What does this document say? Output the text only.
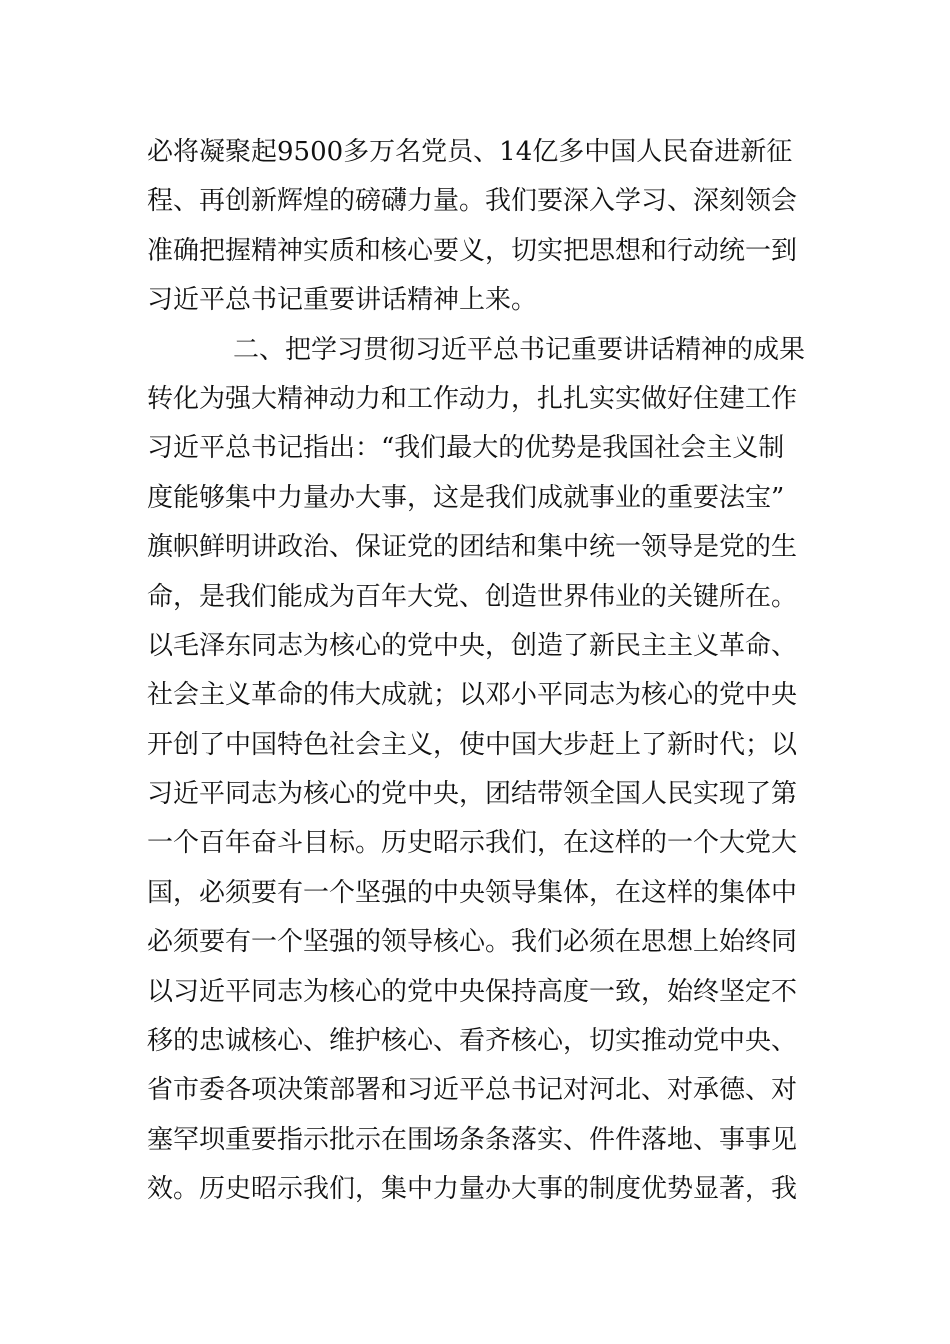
必将凝聚起9500多万名党员、14亿多中国人民奋进新征
程、再创新辉煌的磅礴力量。我们要深入学习、深刻领会
准确把握精神实质和核心要义，切实把思想和行动统一到
习近平总书记重要讲话精神上来。
二、把学习贯彻习近平总书记重要讲话精神的成果
转化为强大精神动力和工作动力，扎扎实实做好住建工作
习近平总书记指出：“我们最大的优势是我国社会主义制
度能够集中力量办大事，这是我们成就事业的重要法宝”
旗帜鲜明讲政治、保证党的团结和集中统一领导是党的生
命，是我们能成为百年大党、创造世界伟业的关键所在。
以毛泽东同志为核心的党中央，创造了新民主主义革命、
社会主义革命的伟大成就；以邓小平同志为核心的党中央
开创了中国特色社会主义，使中国大步赶上了新时代；以
习近平同志为核心的党中央，团结带领全国人民实现了第
一个百年奋斗目标。历史昭示我们，在这样的一个大党大
国，必须要有一个坚强的中央领导集体，在这样的集体中
必须要有一个坚强的领导核心。我们必须在思想上始终同
以习近平同志为核心的党中央保持高度一致，始终坚定不
移的忠诚核心、维护核心、看齐核心，切实推动党中央、
省市委各项决策部署和习近平总书记对河北、对承德、对
塞罕坝重要指示批示在围场条条落实、件件落地、事事见
效。历史昭示我们，集中力量办大事的制度优势显著，我
